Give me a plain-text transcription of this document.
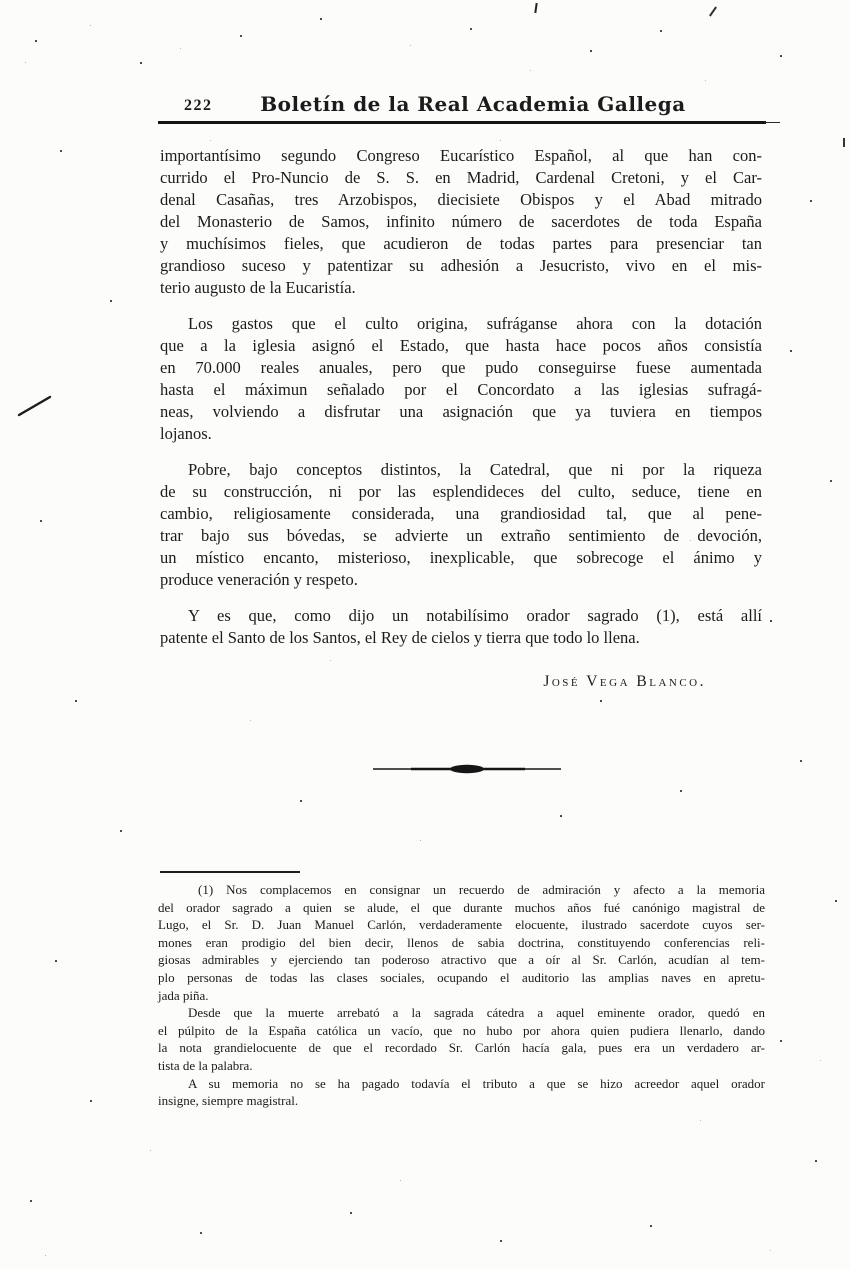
222	Boletín de la Real Academia Gallega
importantísimo segundo Congreso Eucarístico Español, al que han con-
currido el Pro-Nuncio de S. S. en Madrid, Cardenal Cretoni, y el Car-
denal Casañas, tres Arzobispos, diecisiete Obispos y el Abad mitrado
del Monasterio de Samos, infinito número de sacerdotes de toda España
y muchísimos fieles, que acudieron de todas partes para presenciar tan
grandioso suceso y patentizar su adhesión a Jesucristo, vivo en el mis-
terio augusto de la Eucaristía.
Los gastos que el culto origina, sufráganse ahora con la dotación
que a la iglesia asignó el Estado, que hasta hace pocos años consistía
en 70.000 reales anuales, pero que pudo conseguirse fuese aumentada
hasta el máximun señalado por el Concordato a las iglesias sufragá-
neas, volviendo a disfrutar una asignación que ya tuviera en tiempos
lojanos.
Pobre, bajo conceptos distintos, la Catedral, que ni por la riqueza
de su construcción, ni por las esplendideces del culto, seduce, tiene en
cambio, religiosamente considerada, una grandiosidad tal, que al pene-
trar bajo sus bóvedas, se advierte un extraño sentimiento de devoción,
un místico encanto, misterioso, inexplicable, que sobrecoge el ánimo y
produce veneración y respeto.
Y es que, como dijo un notabilísimo orador sagrado (1), está allí
patente el Santo de los Santos, el Rey de cielos y tierra que todo lo llena.
José Vega Blanco.
(1)  Nos complacemos en consignar un recuerdo de admiración y afecto a la memoria
del orador sagrado a quien se alude, el que durante muchos años fué canónigo magistral de
Lugo, el Sr. D. Juan Manuel Carlón, verdaderamente elocuente, ilustrado sacerdote cuyos ser-
mones eran prodigio del bien decir, llenos de sabia doctrina, constituyendo conferencias reli-
giosas admirables y ejerciendo tan poderoso atractivo que a oír al Sr. Carlón, acudían al tem-
plo personas de todas las clases sociales, ocupando el auditorio las amplias naves en apretu-
jada piña.
Desde que la muerte arrebató a la sagrada cátedra a aquel eminente orador, quedó en
el púlpito de la España católica un vacío, que no hubo por ahora quien pudiera llenarlo, dando
la nota grandielocuente de que el recordado Sr. Carlón hacía gala, pues era un verdadero ar-
tista de la palabra.
A su memoria no se ha pagado todavía el tributo a que se hizo acreedor aquel orador
insigne, siempre magistral.
